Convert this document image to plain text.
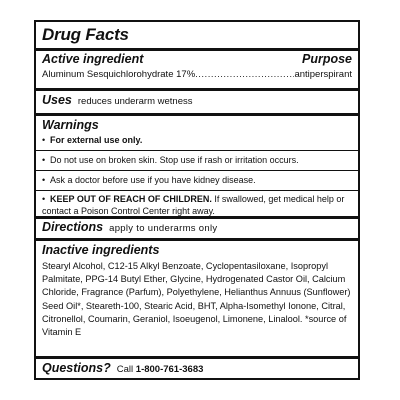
Drug Facts
Active ingredient	Purpose
Aluminum Sesquichlorohydrate 17%
.....	antiperspirant
Uses reduces underarm wetness
Warnings
• For external use only.
• Do not use on broken skin. Stop use if rash or irritation occurs.
• Ask a doctor before use if you have kidney disease.
• KEEP OUT OF REACH OF CHILDREN. If swallowed, get medical help or contact a Poison Control Center right away.
Directions apply to underarms only
Inactive ingredients
Stearyl Alcohol, C12-15 Alkyl Benzoate, Cyclopentasiloxane, Isopropyl Palmitate, PPG-14 Butyl Ether, Glycine, Hydrogenated Castor Oil, Calcium Chloride, Fragrance (Parfum), Polyethylene, Helianthus Annuus (Sunflower) Seed Oil*, Steareth-100, Stearic Acid, BHT, Alpha-Isomethyl Ionone, Citral, Citronellol, Coumarin, Geraniol, Isoeugenol, Limonene, Linalool. *source of Vitamin E
Questions? Call 1-800-761-3683
